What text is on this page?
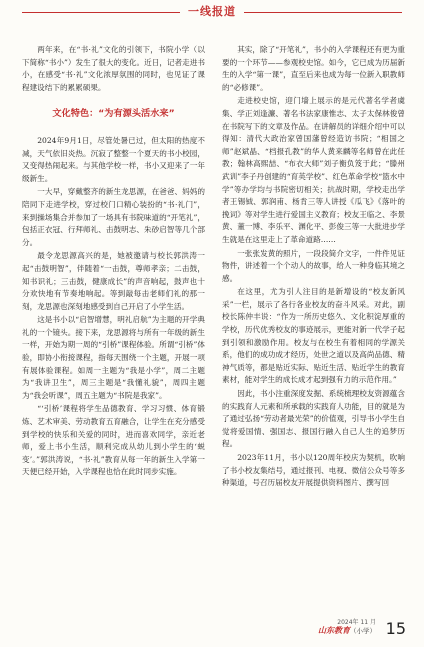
一线报道

两年来，在“书·礼”文化的引领下，书院小学（以下简称“书小”）发生了很大的变化。近日，记者走进书小，在感受“书·礼”文化浓厚氛围的同时，也见证了课程建设结下的累累硕果。

文化特色：“为有源头活水来”

2024年9月1日，尽管处暑已过，但太阳的热度不减，天气依旧炎热。沉寂了整整一个夏天的书小校园，又变得热闹起来。与其他学校一样，书小又迎来了一年级新生。

一大早，穿戴整齐的新生龙思源，在爸爸、妈妈的陪同下走进学校，穿过校门口精心装扮的“书·礼门”，来到操场集合并参加了一场具有书院味道的“开笔礼”，包括正衣冠、行拜师礼、击鼓明志、朱砂启智等几个部分。

最令龙思源高兴的是，她被邀请与校长郭洪涛一起“击鼓明智”，伴随着“一击鼓，尊师孝亲；二击鼓，知书识礼；三击鼓，健康成长”的声音响起，鼓声也十分欢快地有节奏地响起。等到敲每击老师们礼的那一刻，龙思源也深刻地感受到自己开启了小学生活。

这是书小以“启智增慧，明礼启航”为主题的开学典礼的一个镜头。接下来，龙思源将与所有一年级的新生一样，开始为期一周的“引桥”课程体验。所谓“引桥”体验，即协小衔接课程，指每天围绕一个主题，开展一项有展体验课程。如周一主题为“我是小学”，周二主题为“我讲卫生”，周三主题是“我懂礼貌”，周四主题为“我会听课”，周五主题为“书院是我家”。

“‘引桥’课程将学生品德教育、学习习惯、体育锻炼、艺术审美、劳动教育五育融合，让学生在充分感受到学校的快乐和关爱的同时，进而喜欢同学，亲近老师，爱上书小生活，顺利完成从幼儿到小学生的‘蜕变’。”郭洪涛说，“书·礼”教育从每一年的新生入学第一天便已经开始，入学课程也恰在此时同步实施。

其实，除了“开笔礼”，书小的入学课程还有更为重要的一个环节——参观校史馆。如今，它已成为历届新生的入学“第一课”，直至后来也成为每一位新入职教师的“必修课”。

走进校史馆，迎门墙上展示的是元代著名学者虞集、学正刘逢濂、著名书法家康惟志、太子太保林俊曾在书院写下的文章及作品。在讲解员的详细介绍中可以得知：清代大政治家曾国藩曾经造访书院；“相国之师”赵斌晶、“档报孔教”的华人黄来麟等名师曾在此任教；翰林高熙喆、“布衣大师”刘子衡负笈于此；“滕州武训”李子丹创建的“育英学校”、红色革命学校“篮水中学”等办学均与书院密切相关；抗战时期，学校走出学者王锡钺、郭润甫、杨肯三等人讲授《瓜飞》《落叶的挽词》等对学生进行爱国主义教育；校友王临之、李景黄、董一博、李乐平、渊化平、彭俊三等一大批进步学生就是在这里走上了革命道路……

一张张发黄的照片，一段段简介文字，一件件见证物件，讲述着一个个动人的故事，给人一种身临其境之感。

在这里，尤为引人注目的是新增设的“校友新风采”一栏，展示了各行各业校友的奋斗风采。对此，副校长陈仲丰说：“作为一所历史悠久、文化积淀厚重的学校，历代优秀校友的事迹展示，更能对新一代学子起到引领和激励作用。校友与在校生有着相同的学源关系，他们的成功成才经历，处世之道以及高尚品德、精神气质等，都是贴近实际、贴近生活、贴近学生的教育素材，能对学生的成长成才起到强有力的示范作用。”

因此，书小注重深度发掘、系统梳理校友资源蕴含的实践育人元素和所承载的实践育人功能，目的就是为了通过弘扬“劳动者最光荣”的价值观，引导书小学生自觉将爱国情、强国志、报国行融入自己人生的追梦历程。

2023年11月，书小以120周年校庆为契机，吹响了书小校友集结号，通过报刊、电视、微信公众号等多种渠道，号召历届校友开展提供资料图片、撰写回

2024年 11 月
山东教育（小学） 15
